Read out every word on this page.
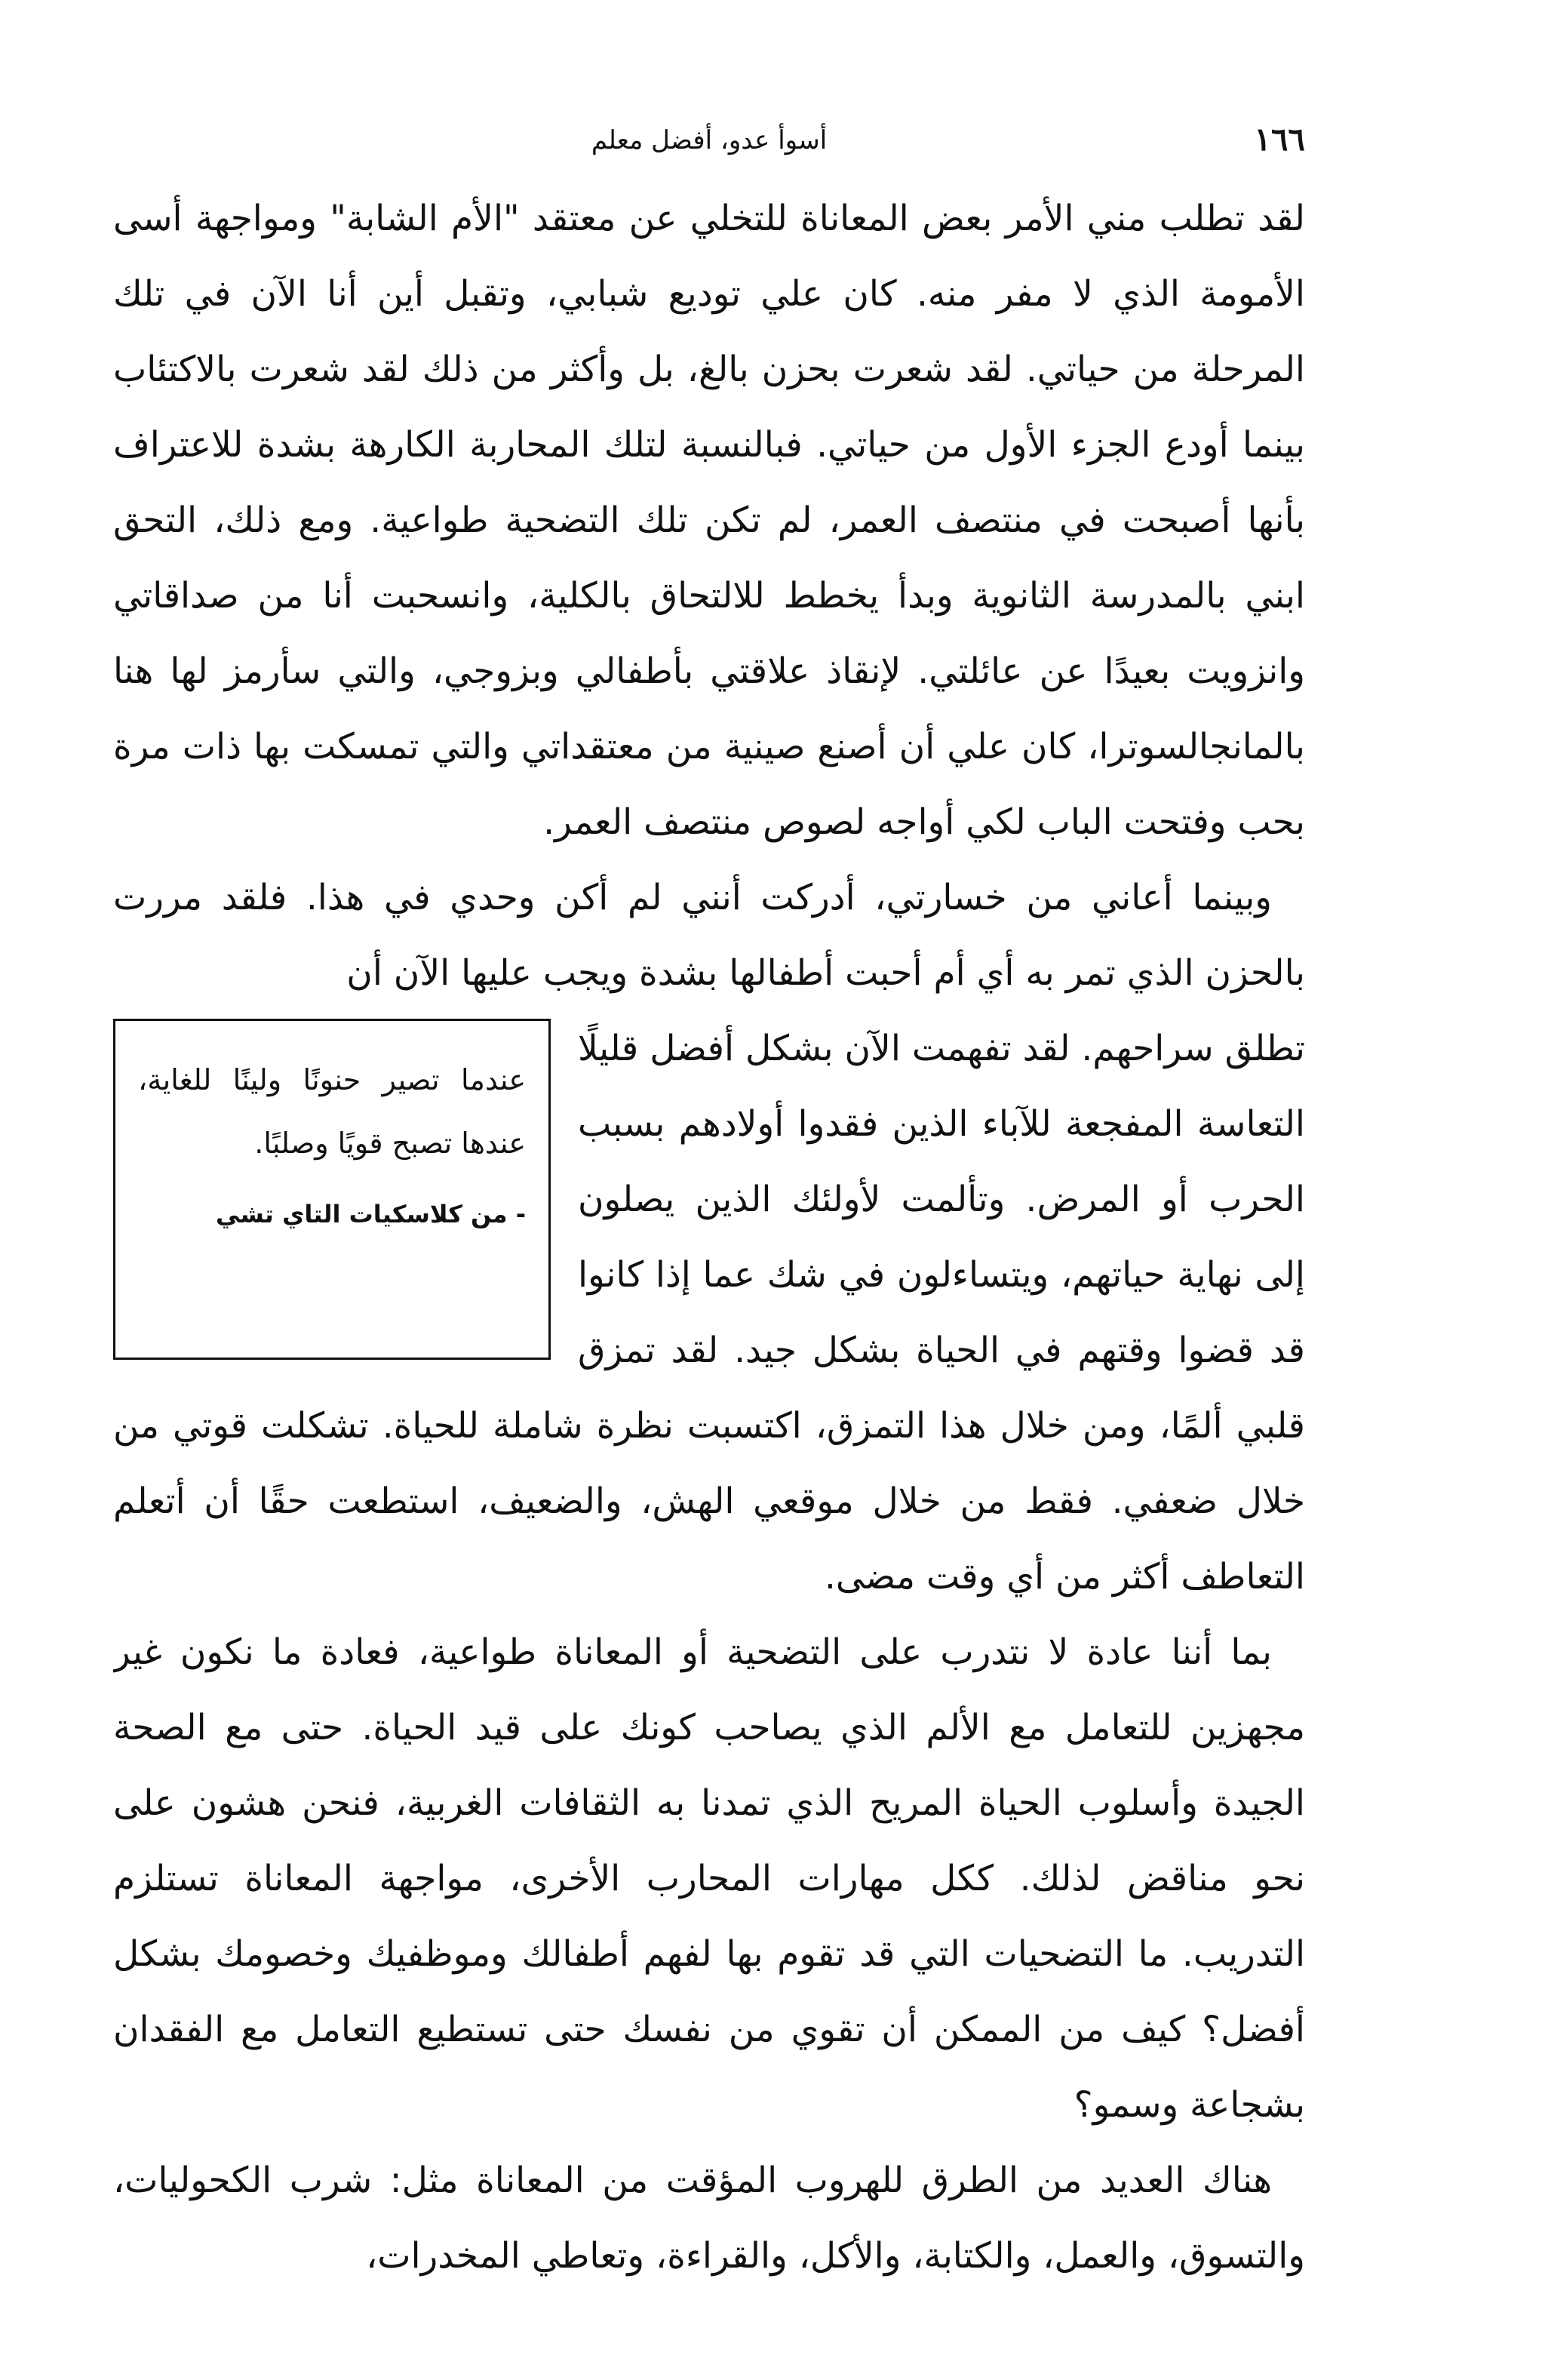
١٦٦
أسوأ عدو، أفضل معلم

لقد تطلب مني الأمر بعض المعاناة للتخلي عن معتقد "الأم الشابة" ومواجهة أسى الأمومة الذي لا مفر منه. كان علي توديع شبابي، وتقبل أين أنا الآن في تلك المرحلة من حياتي. لقد شعرت بحزن بالغ، بل وأكثر من ذلك لقد شعرت بالاكتئاب بينما أودع الجزء الأول من حياتي. فبالنسبة لتلك المحاربة الكارهة بشدة للاعتراف بأنها أصبحت في منتصف العمر، لم تكن تلك التضحية طواعية. ومع ذلك، التحق ابني بالمدرسة الثانوية وبدأ يخطط للالتحاق بالكلية، وانسحبت أنا من صداقاتي وانزويت بعيدًا عن عائلتي. لإنقاذ علاقتي بأطفالي وبزوجي، والتي سأرمز لها هنا بالمانجالسوترا، كان علي أن أصنع صينية من معتقداتي والتي تمسكت بها ذات مرة بحب وفتحت الباب لكي أواجه لصوص منتصف العمر.

وبينما أعاني من خسارتي، أدركت أنني لم أكن وحدي في هذا. فلقد مررت بالحزن الذي تمر به أي أم أحبت أطفالها بشدة ويجب عليها الآن أن

عندما تصير حنونًا ولينًا للغاية، عندها تصبح قويًا وصلبًا.
- من كلاسكيات التاي تشي
تطلق سراحهم. لقد تفهمت الآن بشكل أفضل قليلًا التعاسة المفجعة للآباء الذين فقدوا أولادهم بسبب الحرب أو المرض. وتألمت لأولئك الذين يصلون إلى نهاية حياتهم، ويتساءلون في شك عما إذا كانوا قد قضوا وقتهم في الحياة بشكل جيد. لقد تمزق قلبي ألمًا، ومن خلال هذا التمزق، اكتسبت نظرة شاملة للحياة. تشكلت قوتي من خلال ضعفي. فقط من خلال موقعي الهش، والضعيف، استطعت حقًا أن أتعلم التعاطف أكثر من أي وقت مضى.

بما أننا عادة لا نتدرب على التضحية أو المعاناة طواعية، فعادة ما نكون غير مجهزين للتعامل مع الألم الذي يصاحب كونك على قيد الحياة. حتى مع الصحة الجيدة وأسلوب الحياة المريح الذي تمدنا به الثقافات الغربية، فنحن هشون على نحو مناقض لذلك. ككل مهارات المحارب الأخرى، مواجهة المعاناة تستلزم التدريب. ما التضحيات التي قد تقوم بها لفهم أطفالك وموظفيك وخصومك بشكل أفضل؟ كيف من الممكن أن تقوي من نفسك حتى تستطيع التعامل مع الفقدان بشجاعة وسمو؟

هناك العديد من الطرق للهروب المؤقت من المعاناة مثل: شرب الكحوليات، والتسوق، والعمل، والكتابة، والأكل، والقراءة، وتعاطي المخدرات،
